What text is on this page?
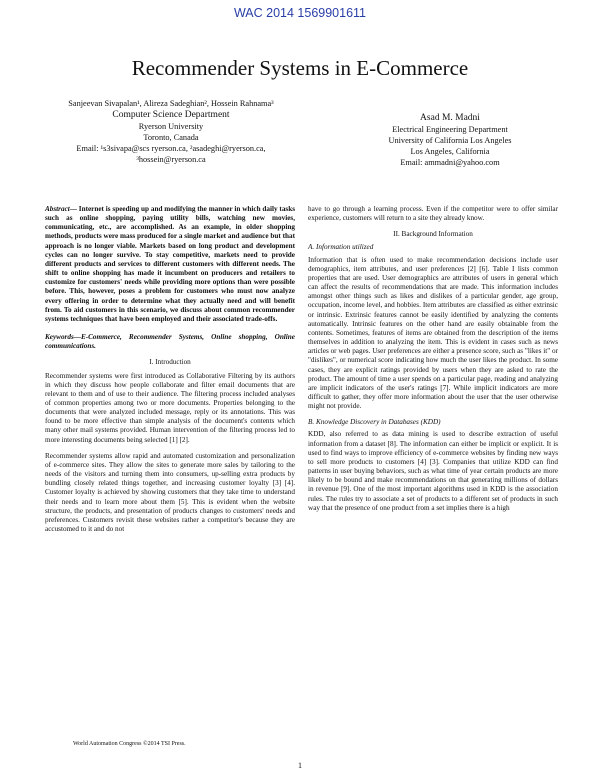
WAC 2014 1569901611
Recommender Systems in E-Commerce
Sanjeevan Sivapalan¹, Alireza Sadeghian², Hossein Rahnama³
Computer Science Department
Ryerson University
Toronto, Canada
Email: ¹s3sivapa@scs ryerson.ca, ²asadeghi@ryerson.ca,
³hossein@ryerson.ca
Asad M. Madni
Electrical Engineering Department
University of California Los Angeles
Los Angeles, California
Email: ammadni@yahoo.com

Abstract— Internet is speeding up and modifying the manner in which daily tasks such as online shopping, paying utility bills, watching new movies, communicating, etc., are accomplished. As an example, in older shopping methods, products were mass produced for a single market and audience but that approach is no longer viable. Markets based on long product and development cycles can no longer survive. To stay competitive, markets need to provide different products and services to different customers with different needs. The shift to online shopping has made it incumbent on producers and retailers to customize for customers' needs while providing more options than were possible before. This, however, poses a problem for customers who must now analyze every offering in order to determine what they actually need and will benefit from. To aid customers in this scenario, we discuss about common recommender systems techniques that have been employed and their associated trade-offs.

Keywords—E-Commerce, Recommender Systems, Online shopping, Online communications.

I. Introduction

Recommender systems were first introduced as Collaborative Filtering by its authors in which they discuss how people collaborate and filter email documents that are relevant to them and of use to their audience. The filtering process included analyses of common properties among two or more documents. Properties belonging to the documents that were analyzed included message, reply or its annotations. This was found to be more effective than simple analysis of the document's contents which many other mail systems provided. Human intervention of the filtering process led to more interesting documents being selected [1] [2].

Recommender systems allow rapid and automated customization and personalization of e-commerce sites. They allow the sites to generate more sales by tailoring to the needs of the visitors and turning them into consumers, up-selling extra products by bundling closely related things together, and increasing customer loyalty [3] [4]. Customer loyalty is achieved by showing customers that they take time to understand their needs and to learn more about them [5]. This is evident when the website structure, the products, and presentation of products changes to customers' needs and preferences. Customers revisit these websites rather a competitor's because they are accustomed to it and do not

have to go through a learning process. Even if the competitor were to offer similar experience, customers will return to a site they already know.

II. Background Information
A. Information utilized

Information that is often used to make recommendation decisions include user demographics, item attributes, and user preferences [2] [6]. Table I lists common properties that are used. User demographics are attributes of users in general which can affect the results of recommendations that are made. This information includes amongst other things such as likes and dislikes of a particular gender, age group, occupation, income level, and hobbies. Item attributes are classified as either extrinsic or intrinsic. Extrinsic features cannot be easily identified by analyzing the contents automatically. Intrinsic features on the other hand are easily obtainable from the contents. Sometimes, features of items are obtained from the description of the items themselves in addition to analyzing the item. This is evident in cases such as news articles or web pages. User preferences are either a presence score, such as "likes it" or "dislikes", or numerical score indicating how much the user likes the product. In some cases, they are explicit ratings provided by users when they are asked to rate the product. The amount of time a user spends on a particular page, reading and analyzing are implicit indicators of the user's ratings [7]. While implicit indicators are more difficult to gather, they offer more information about the user that the user otherwise might not provide.

B. Knowledge Discovery in Databases (KDD)

KDD, also referred to as data mining is used to describe extraction of useful information from a dataset [8]. The information can either be implicit or explicit. It is used to find ways to improve efficiency of e-commerce websites by finding new ways to sell more products to customers [4] [3]. Companies that utilize KDD can find patterns in user buying behaviors, such as what time of year certain products are more likely to be bound and make recommendations on that generating millions of dollars in revenue [9]. One of the most important algorithms used in KDD is the association rules. The rules try to associate a set of products to a different set of products in such way that the presence of one product from a set implies there is a high

World Automation Congress ©2014 TSI Press.
1
